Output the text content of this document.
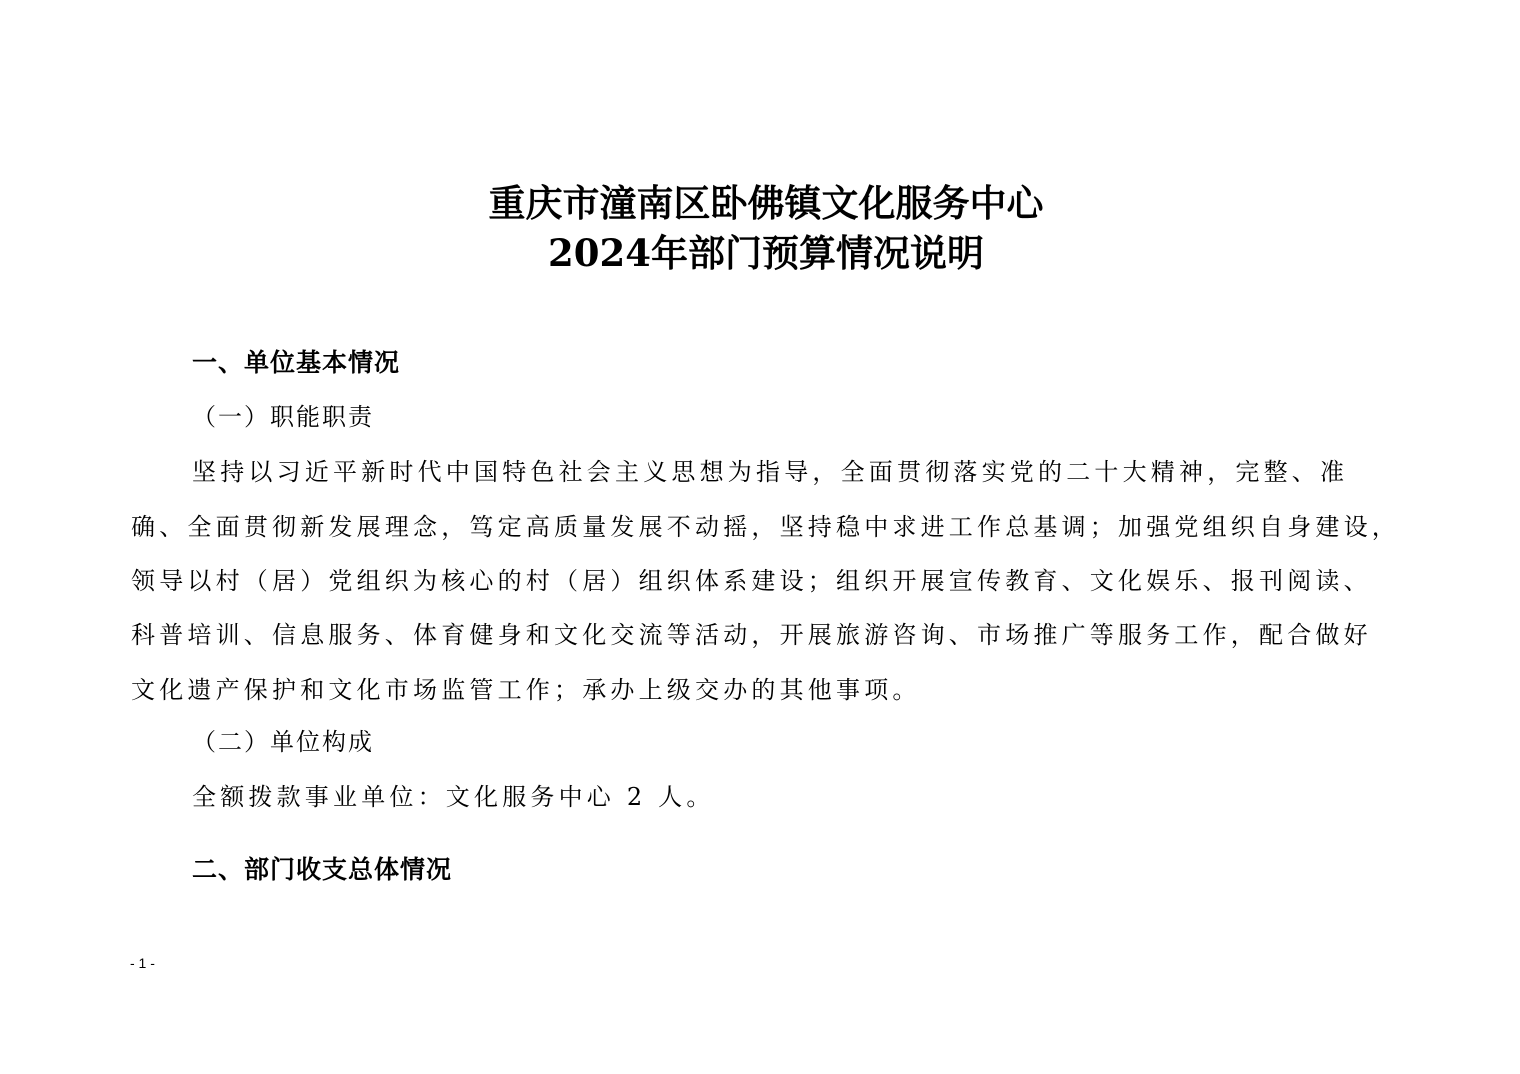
重庆市潼南区卧佛镇文化服务中心
2024年部门预算情况说明
一、单位基本情况
（一）职能职责
坚持以习近平新时代中国特色社会主义思想为指导，全面贯彻落实党的二十大精神，完整、准
确、全面贯彻新发展理念，笃定高质量发展不动摇，坚持稳中求进工作总基调；加强党组织自身建设，
领导以村（居）党组织为核心的村（居）组织体系建设；组织开展宣传教育、文化娱乐、报刊阅读、
科普培训、信息服务、体育健身和文化交流等活动，开展旅游咨询、市场推广等服务工作，配合做好
文化遗产保护和文化市场监管工作；承办上级交办的其他事项。
（二）单位构成
全额拨款事业单位：文化服务中心 2 人。
二、部门收支总体情况
- 1 -
